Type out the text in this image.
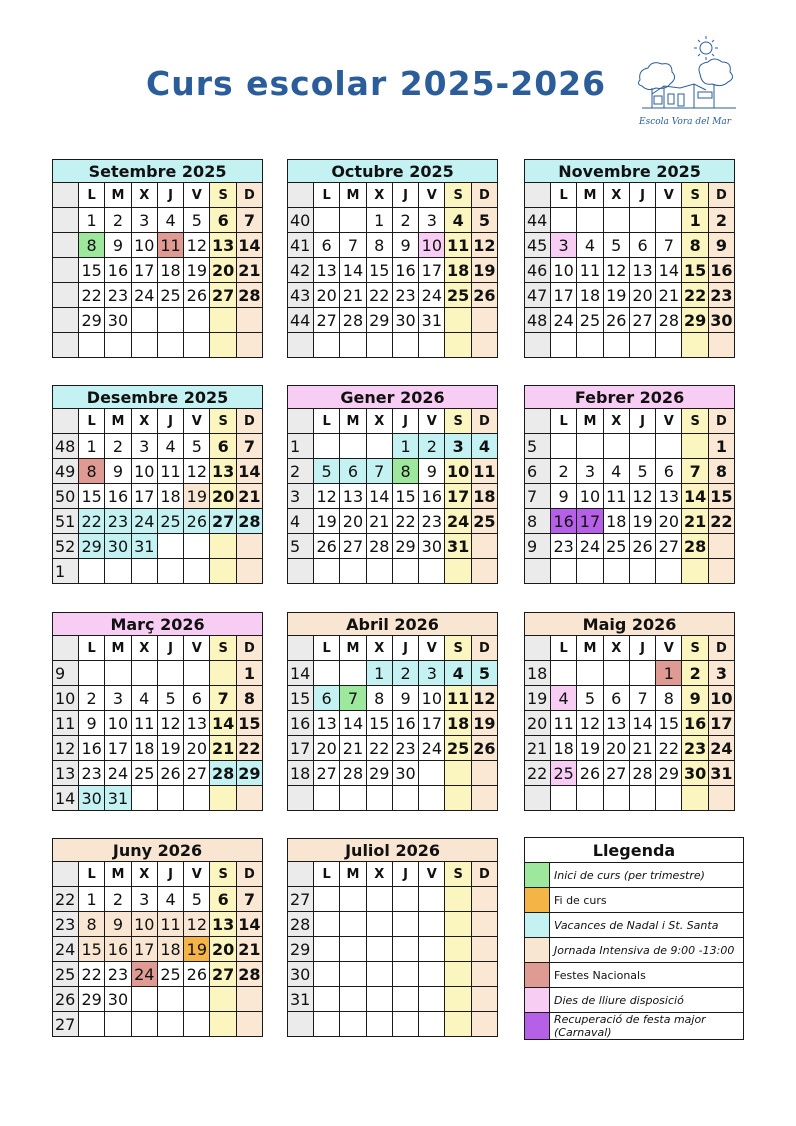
Curs escolar 2025-2026
Escola Vora del Mar
Setembre 2025							
	L	M	X	J	V	S	D
	1	2	3	4	5	6	7
	8	9	10	11	12	13	14
	15	16	17	18	19	20	21
	22	23	24	25	26	27	28
	29	30					

Octubre 2025							
	L	M	X	J	V	S	D
40			1	2	3	4	5
41	6	7	8	9	10	11	12
42	13	14	15	16	17	18	19
43	20	21	22	23	24	25	26
44	27	28	29	30	31		

Novembre 2025							
	L	M	X	J	V	S	D
44						1	2
45	3	4	5	6	7	8	9
46	10	11	12	13	14	15	16
47	17	18	19	20	21	22	23
48	24	25	26	27	28	29	30

Desembre 2025							
	L	M	X	J	V	S	D
48	1	2	3	4	5	6	7
49	8	9	10	11	12	13	14
50	15	16	17	18	19	20	21
51	22	23	24	25	26	27	28
52	29	30	31				
1							
Gener 2026							
	L	M	X	J	V	S	D
1				1	2	3	4
2	5	6	7	8	9	10	11
3	12	13	14	15	16	17	18
4	19	20	21	22	23	24	25
5	26	27	28	29	30	31	

Febrer 2026							
	L	M	X	J	V	S	D
5							1
6	2	3	4	5	6	7	8
7	9	10	11	12	13	14	15
8	16	17	18	19	20	21	22
9	23	24	25	26	27	28	

Març 2026							
	L	M	X	J	V	S	D
9							1
10	2	3	4	5	6	7	8
11	9	10	11	12	13	14	15
12	16	17	18	19	20	21	22
13	23	24	25	26	27	28	29
14	30	31					
Abril 2026							
	L	M	X	J	V	S	D
14			1	2	3	4	5
15	6	7	8	9	10	11	12
16	13	14	15	16	17	18	19
17	20	21	22	23	24	25	26
18	27	28	29	30			

Maig 2026							
	L	M	X	J	V	S	D
18					1	2	3
19	4	5	6	7	8	9	10
20	11	12	13	14	15	16	17
21	18	19	20	21	22	23	24
22	25	26	27	28	29	30	31

Juny 2026							
	L	M	X	J	V	S	D
22	1	2	3	4	5	6	7
23	8	9	10	11	12	13	14
24	15	16	17	18	19	20	21
25	22	23	24	25	26	27	28
26	29	30					
27							
Juliol 2026							
	L	M	X	J	V	S	D
27							
28							
29							
30							
31							

Llegenda	
	Inici de curs (per trimestre)
	Fi de curs
	Vacances de Nadal i St. Santa
	Jornada Intensiva de 9:00 -13:00
	Festes Nacionals
	Dies de lliure disposició
	Recuperació de festa major (Carnaval)
